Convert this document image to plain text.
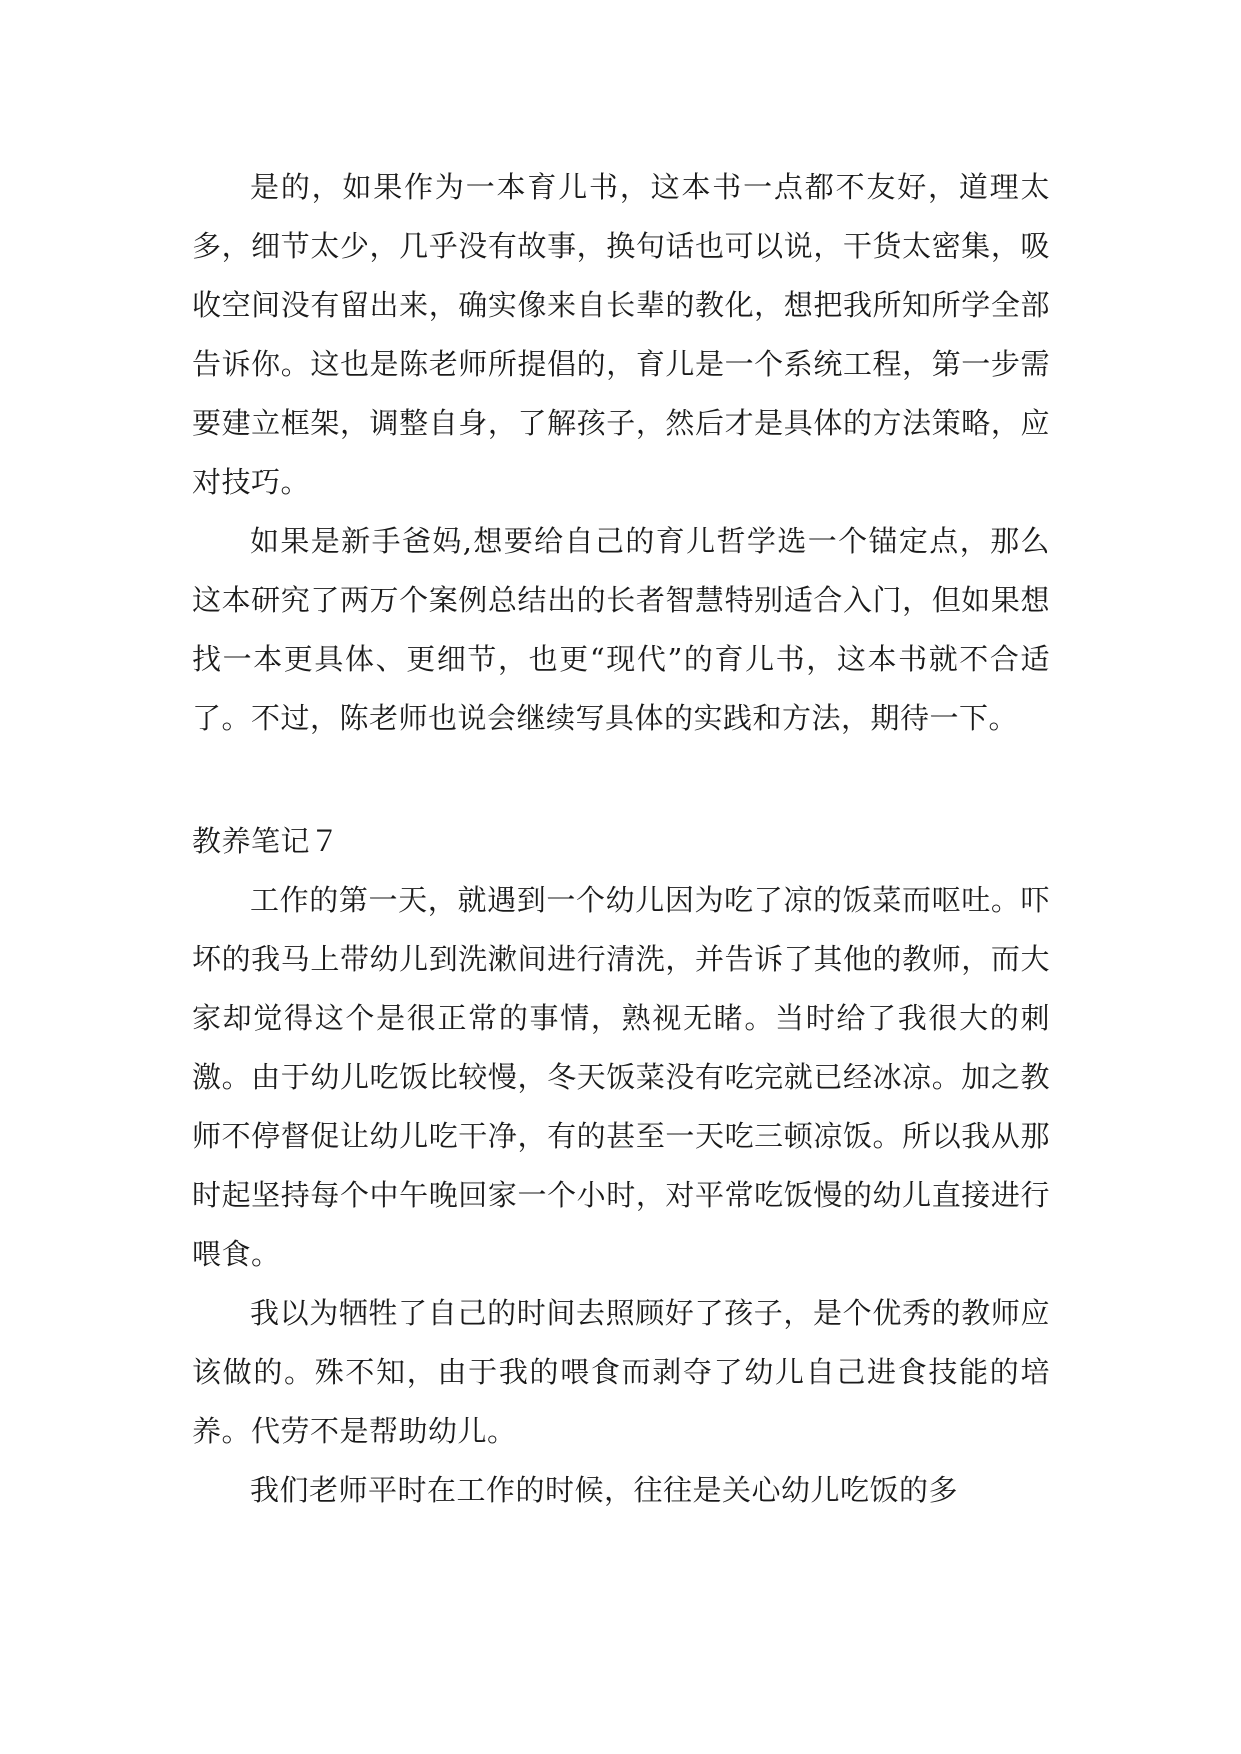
是的，如果作为一本育儿书，这本书一点都不友好，道理太多，细节太少，几乎没有故事，换句话也可以说，干货太密集，吸收空间没有留出来，确实像来自长辈的教化，想把我所知所学全部告诉你。这也是陈老师所提倡的，育儿是一个系统工程，第一步需要建立框架，调整自身，了解孩子，然后才是具体的方法策略，应对技巧。

如果是新手爸妈,想要给自己的育儿哲学选一个锚定点，那么这本研究了两万个案例总结出的长者智慧特别适合入门，但如果想找一本更具体、更细节，也更“现代”的育儿书，这本书就不合适了。不过，陈老师也说会继续写具体的实践和方法，期待一下。

教养笔记７

工作的第一天，就遇到一个幼儿因为吃了凉的饭菜而呕吐。吓坏的我马上带幼儿到洗漱间进行清洗，并告诉了其他的教师，而大家却觉得这个是很正常的事情，熟视无睹。当时给了我很大的刺激。由于幼儿吃饭比较慢，冬天饭菜没有吃完就已经冰凉。加之教师不停督促让幼儿吃干净，有的甚至一天吃三顿凉饭。所以我从那时起坚持每个中午晚回家一个小时，对平常吃饭慢的幼儿直接进行喂食。

我以为牺牲了自己的时间去照顾好了孩子，是个优秀的教师应该做的。殊不知，由于我的喂食而剥夺了幼儿自己进食技能的培养。代劳不是帮助幼儿。

我们老师平时在工作的时候，往往是关心幼儿吃饭的多
